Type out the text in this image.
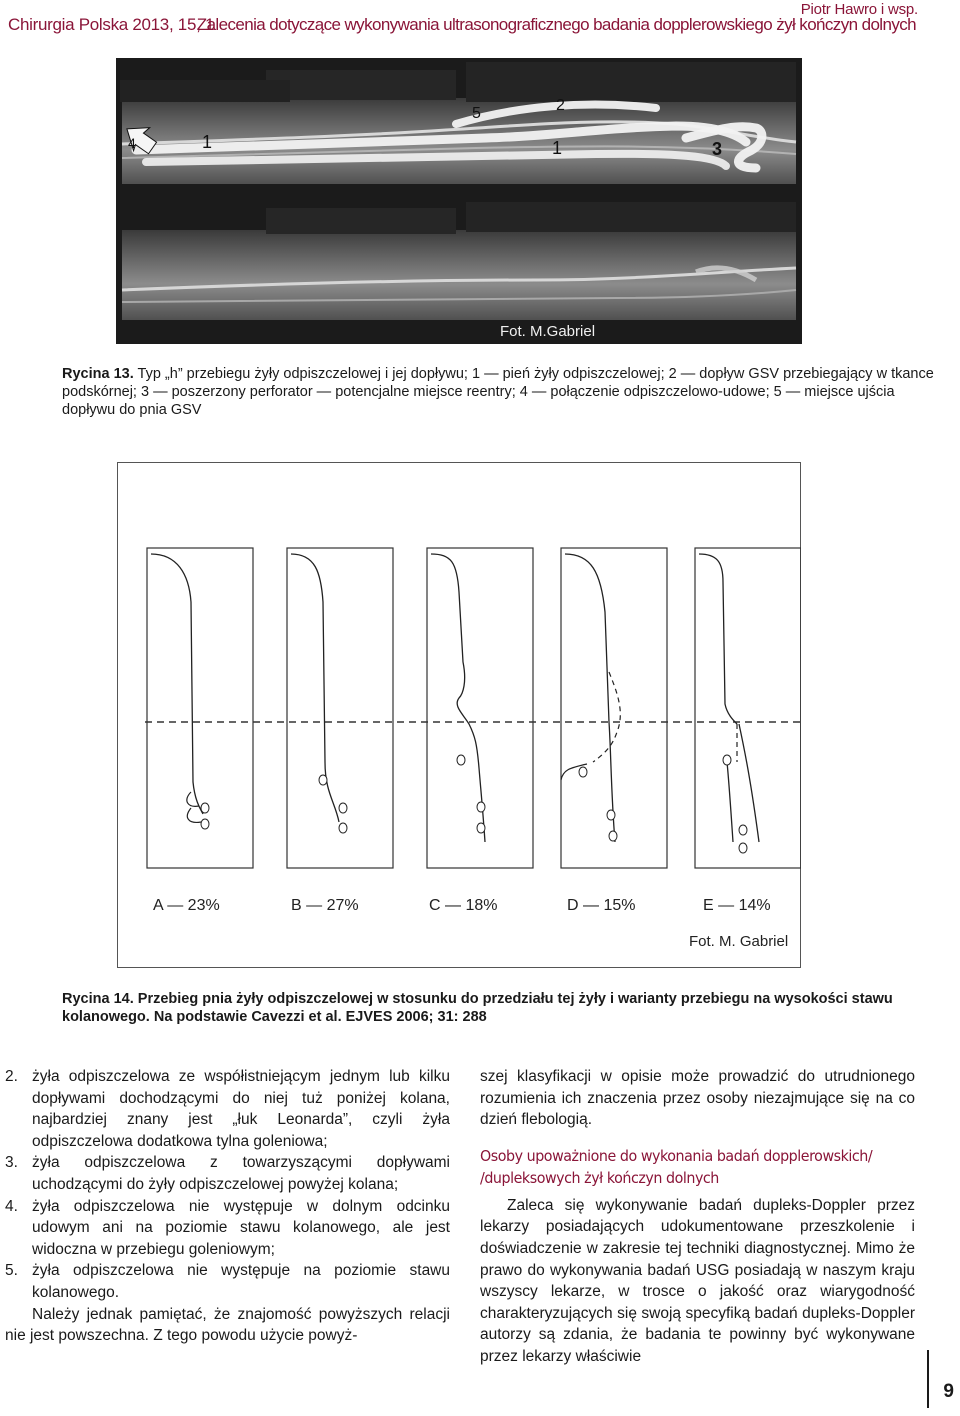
Piotr Hawro i wsp.
Chirurgia Polska 2013, 15, 1
Zalecenia dotyczące wykonywania ultrasonograficznego badania dopplerowskiego żył kończyn dolnych
4	1
5	2
1	3
Fot. M.Gabriel
Rycina 13. Typ „h” przebiegu żyły odpiszczelowej i jej dopływu; 1 — pień żyły odpiszczelowej; 2 — dopływ GSV przebiegający w tkance podskórnej; 3 — poszerzony perforator — potencjalne miejsce reentry; 4 — połączenie odpiszczelowo-udowe; 5 — miejsce ujścia dopływu do pnia GSV
A — 23%	B — 27%	C — 18%	D — 15%	E — 14%
Fot. M. Gabriel
Rycina 14. Przebieg pnia żyły odpiszczelowej w stosunku do przedziału tej żyły i warianty przebiegu na wysokości stawu kolanowego. Na podstawie Cavezzi et al. EJVES 2006; 31: 288
2. żyła odpiszczelowa ze współistniejącym jednym lub kilku dopływami dochodzącymi do niej tuż poniżej kolana, najbardziej znany jest „łuk Leonarda”, czyli żyła odpiszczelowa dodatkowa tylna goleniowa;
3. żyła odpiszczelowa z towarzyszącymi dopływami uchodzącymi do żyły odpiszczelowej powyżej kolana;
4. żyła odpiszczelowa nie występuje w dolnym odcinku udowym ani na poziomie stawu kolanowego, ale jest widoczna w przebiegu goleniowym;
5. żyła odpiszczelowa nie występuje na poziomie stawu kolanowego.
Należy jednak pamiętać, że znajomość powyższych relacji nie jest powszechna. Z tego powodu użycie powyż-
szej klasyfikacji w opisie może prowadzić do utrudnionego rozumienia ich znaczenia przez osoby niezajmujące się na co dzień flebologią.
Osoby upoważnione do wykonania badań dopplerowskich/ /dupleksowych żył kończyn dolnych
Zaleca się wykonywanie badań dupleks-Doppler przez lekarzy posiadających udokumentowane przeszkolenie i doświadczenie w zakresie tej techniki diagnostycznej. Mimo że prawo do wykonywania badań USG posiadają w naszym kraju wszyscy lekarze, w trosce o jakość oraz wiarygodność charakteryzujących się swoją specyfiką badań dupleks-Doppler autorzy są zdania, że badania te powinny być wykonywane przez lekarzy właściwie
9
